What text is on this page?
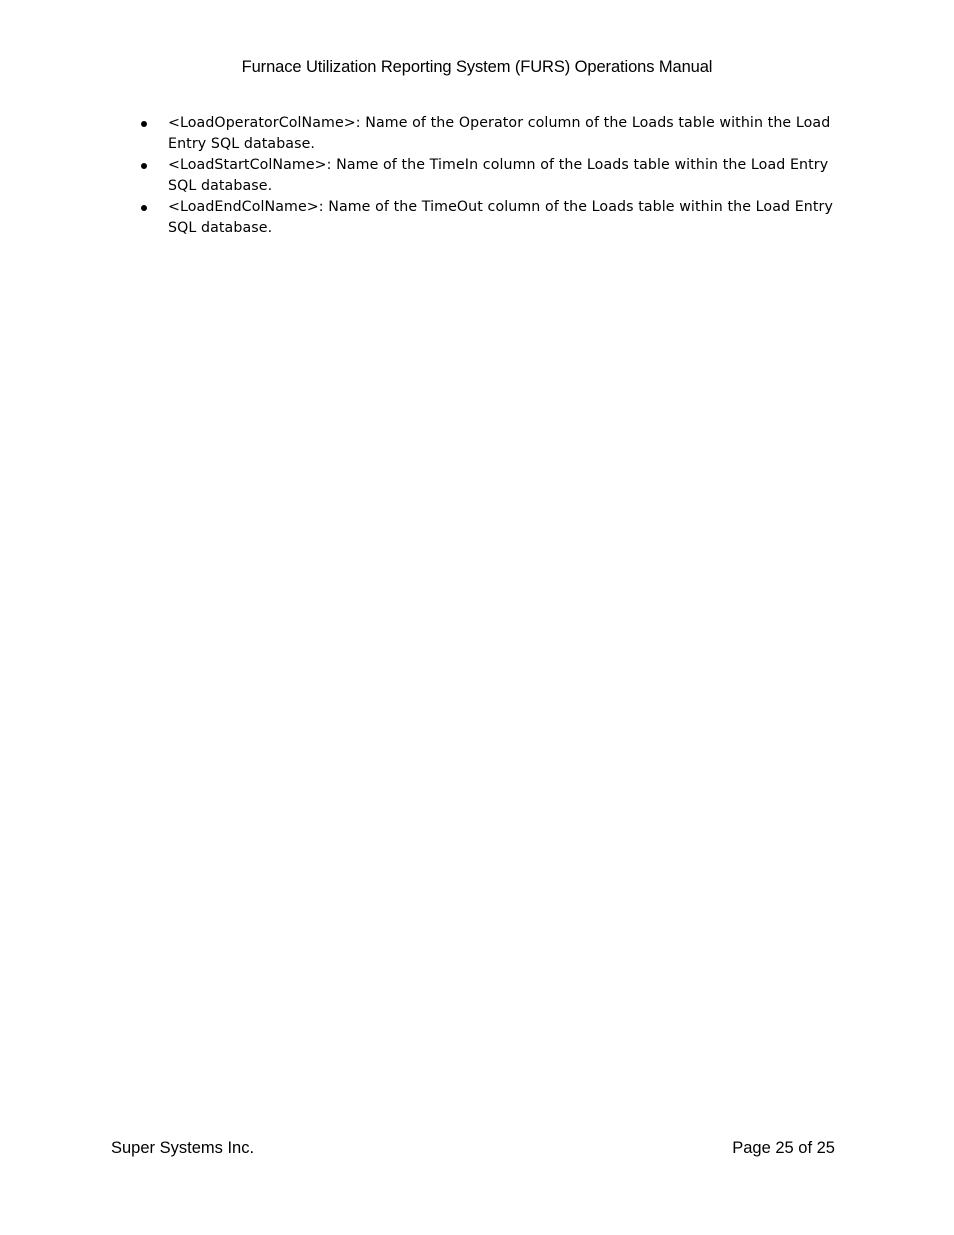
Furnace Utilization Reporting System (FURS) Operations Manual
<LoadOperatorColName>: Name of the Operator column of the Loads table within the Load Entry SQL database.
<LoadStartColName>: Name of the TimeIn column of the Loads table within the Load Entry SQL database.
<LoadEndColName>: Name of the TimeOut column of the Loads table within the Load Entry SQL database.
Super Systems Inc.	Page 25 of 25
